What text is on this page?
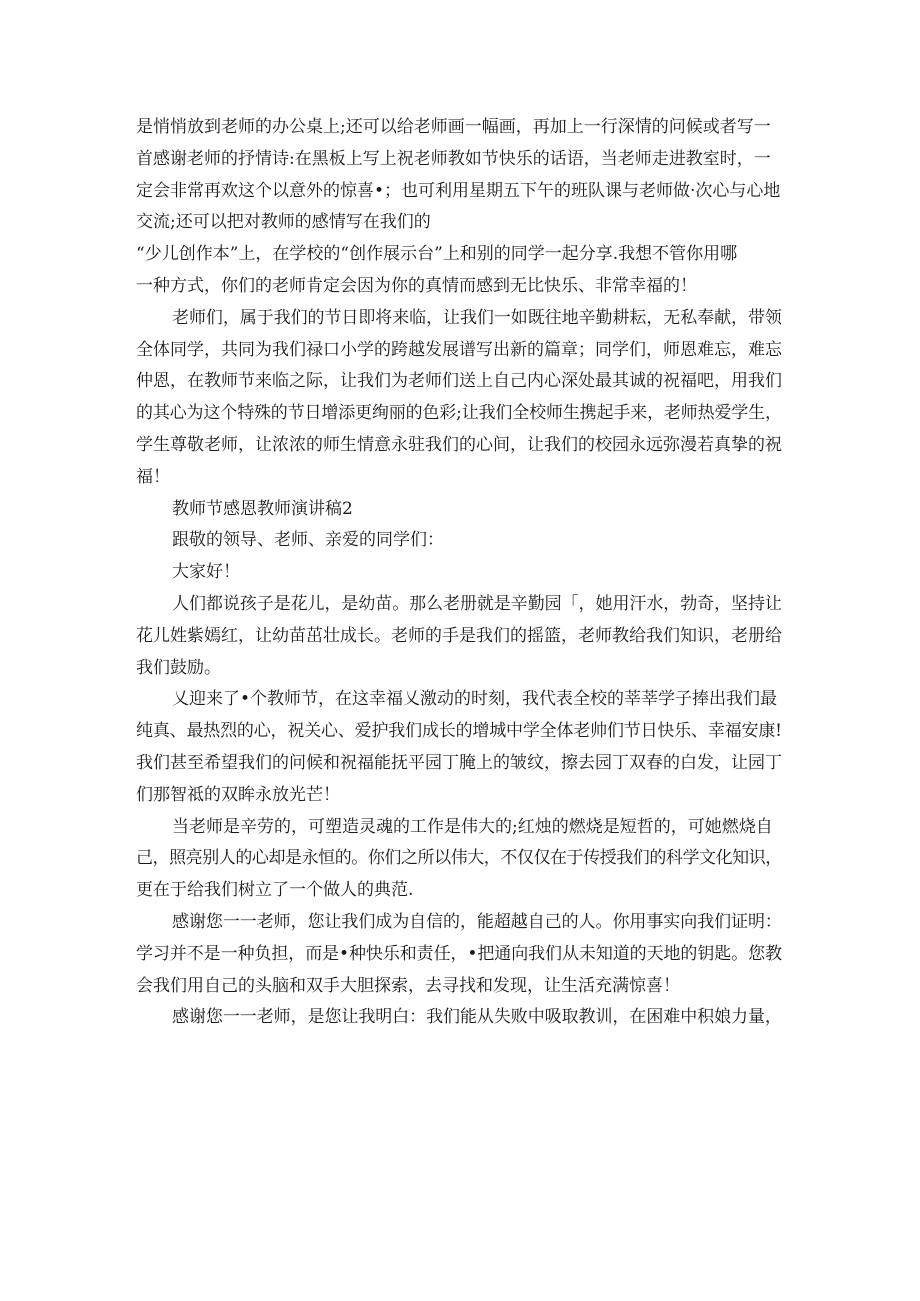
是悄悄放到老师的办公桌上;还可以给老师画一幅画，再加上一行深情的问候或者写一
首感谢老师的抒情诗:在黑板上写上祝老师教如节快乐的话语，当老师走进教室时，一
定会非常再欢这个以意外的惊喜•；也可利用星期五下午的班队课与老师做·次心与心地
交流;还可以把对教师的感情写在我们的
“少儿创作本”上，在学校的“创作展示台”上和别的同学一起分享.我想不管你用哪
一种方式，你们的老师肯定会因为你的真情而感到无比快乐、非常幸福的！
老师们，属于我们的节日即将来临，让我们一如既往地辛勤耕耘，无私奉献，带领
全体同学，共同为我们禄口小学的跨越发展谱写出新的篇章；同学们，师恩难忘，难忘
仲恩，在教师节来临之际，让我们为老师们送上自己内心深处最其诚的祝福吧，用我们
的其心为这个特殊的节日增添更绚丽的色彩;让我们全校师生携起手来，老师热爱学生，
学生尊敬老师，让浓浓的师生情意永驻我们的心间，让我们的校园永远弥漫若真挚的祝
福！
教师节感恩教师演讲稿2
跟敬的领导、老师、亲爱的同学们：
大家好！
人们都说孩子是花儿，是幼苗。那么老册就是辛勤园「，她用汗水，勃奇，坚持让
花儿姓紫嫣红，让幼苗茁壮成长。老师的手是我们的摇篮，老师教给我们知识，老册给
我们鼓励。
乂迎来了•个教师节，在这幸福乂激动的时刻，我代表全校的莘莘学子捧出我们最
纯真、最热烈的心，祝关心、爱护我们成长的增城中学全体老帅们节日快乐、幸福安康!
我们甚至希望我们的问候和祝福能抚平园丁腌上的皱纹，擦去园丁双春的白发，让园丁
们那智祗的双眸永放光芒！
当老师是辛劳的，可塑造灵魂的工作是伟大的;红烛的燃烧是短哲的，可她燃烧自
己，照亮别人的心却是永恒的。你们之所以伟大，不仅仅在于传授我们的科学文化知识，
更在于给我们树立了一个做人的典范.
感谢您一一老师，您让我们成为自信的，能超越自己的人。你用事实向我们证明：
学习并不是一种负担，而是•种快乐和责任，•把通向我们从未知道的天地的钥匙。您教
会我们用自己的头脑和双手大胆探索，去寻找和发现，让生活充满惊喜！
感谢您一一老师，是您让我明白：我们能从失败中吸取教训，在困难中积娘力量，
